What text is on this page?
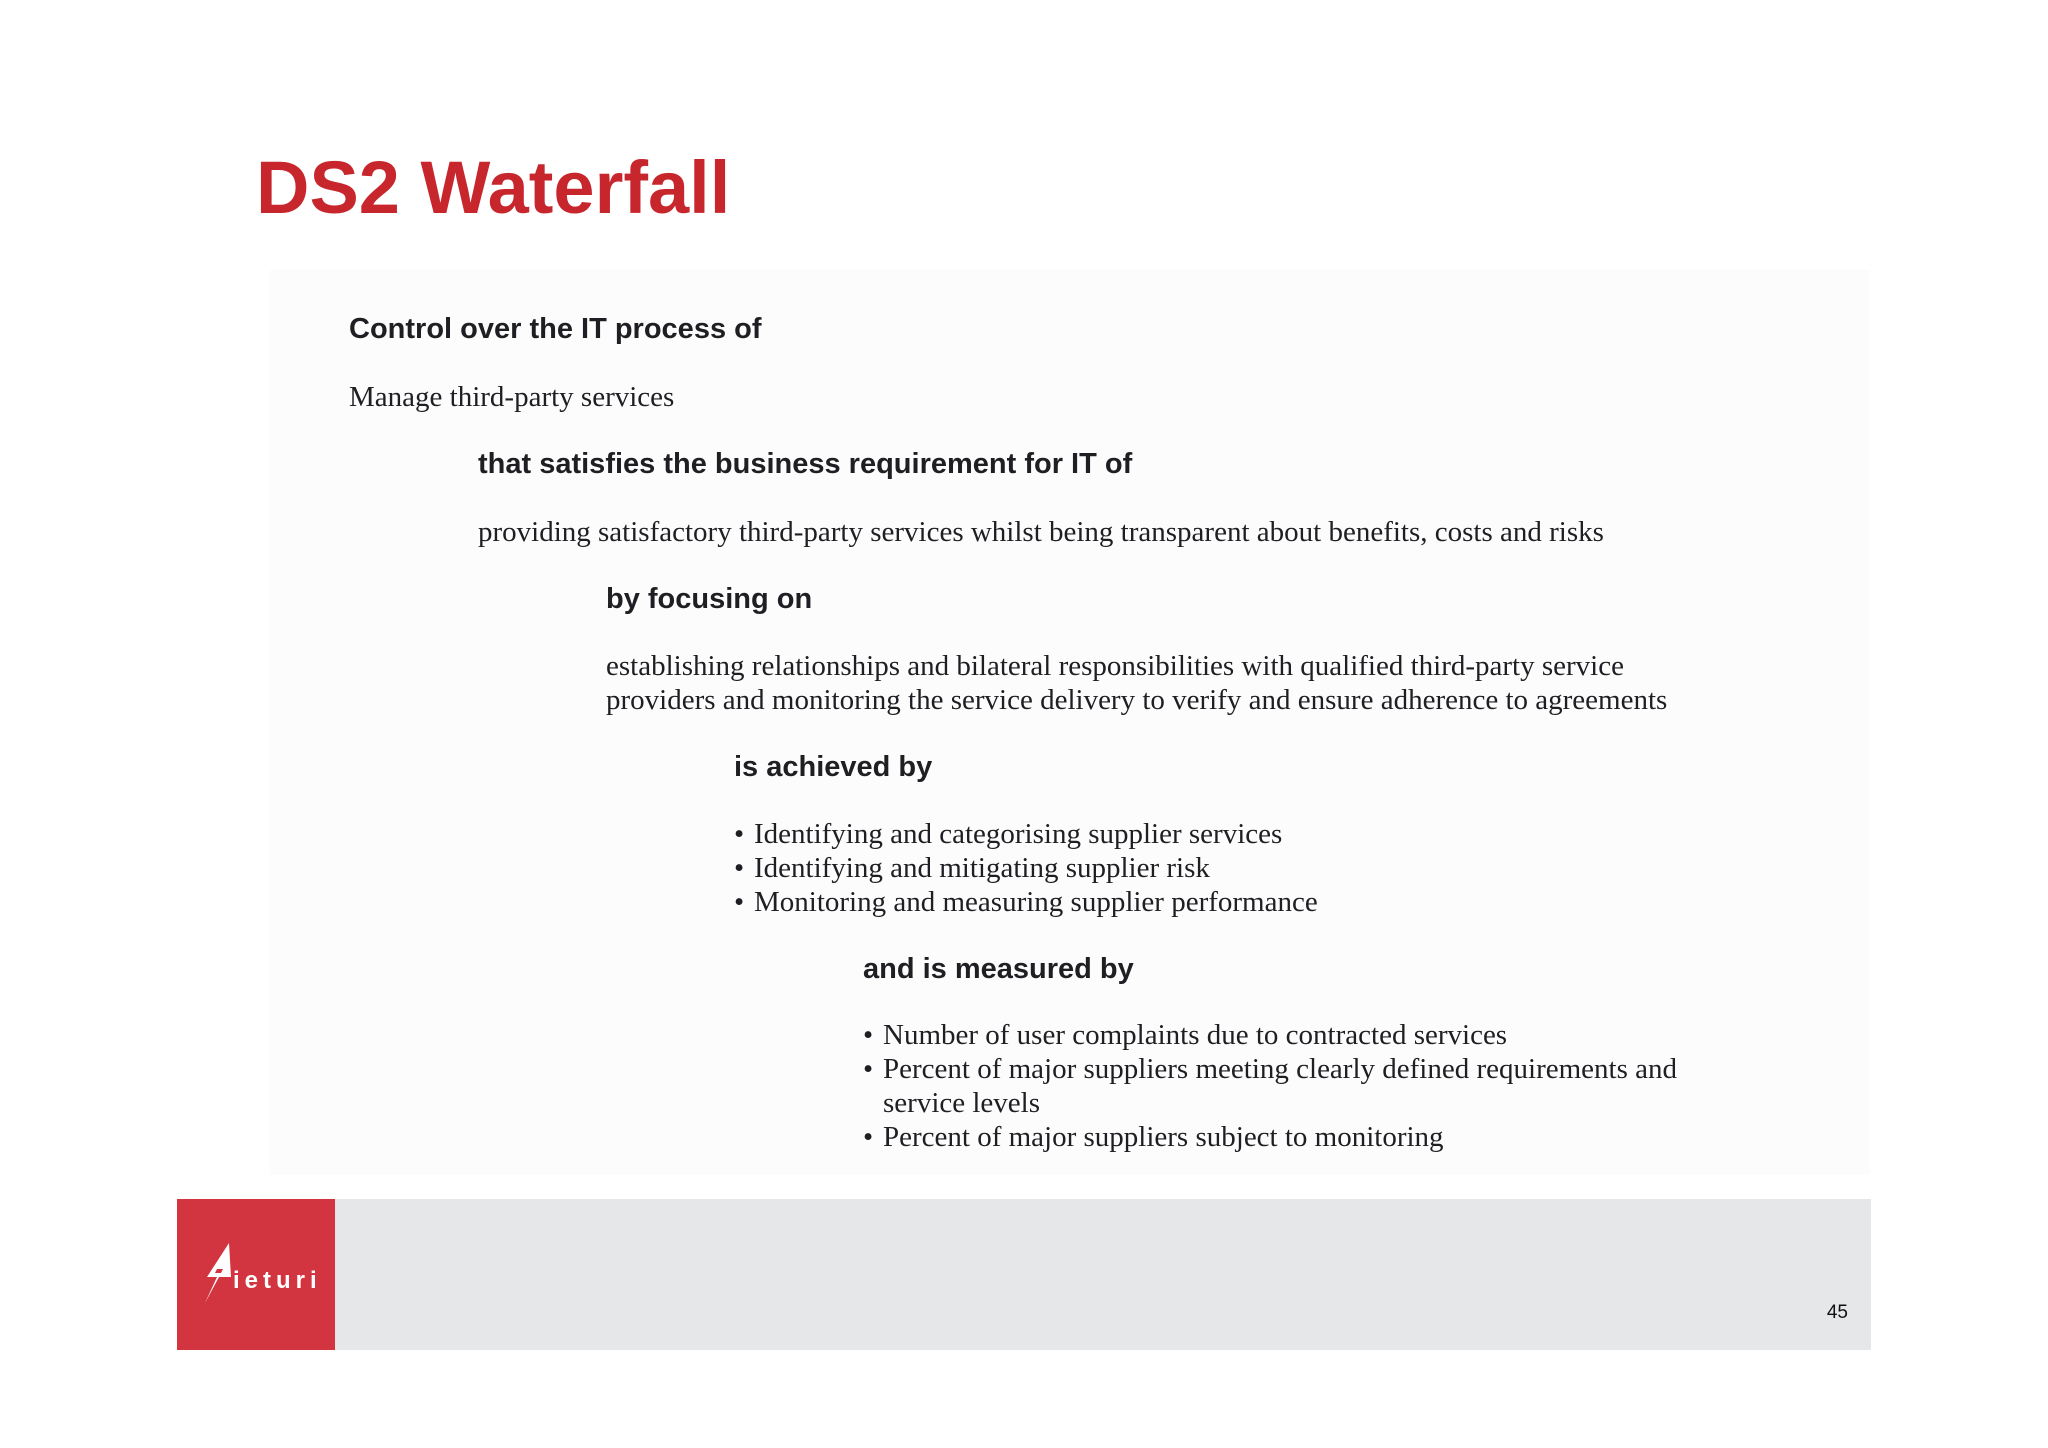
DS2 Waterfall
Control over the IT process of
Manage third-party services
that satisfies the business requirement for IT of
providing satisfactory third-party services whilst being transparent about benefits, costs and risks
by focusing on
establishing relationships and bilateral responsibilities with qualified third-party service
providers and monitoring the service delivery to verify and ensure adherence to agreements
is achieved by
• Identifying and categorising supplier services
• Identifying and mitigating supplier risk
• Monitoring and measuring supplier performance
and is measured by
• Number of user complaints due to contracted services
• Percent of major suppliers meeting clearly defined requirements and
service levels
• Percent of major suppliers subject to monitoring
ieturi
45
